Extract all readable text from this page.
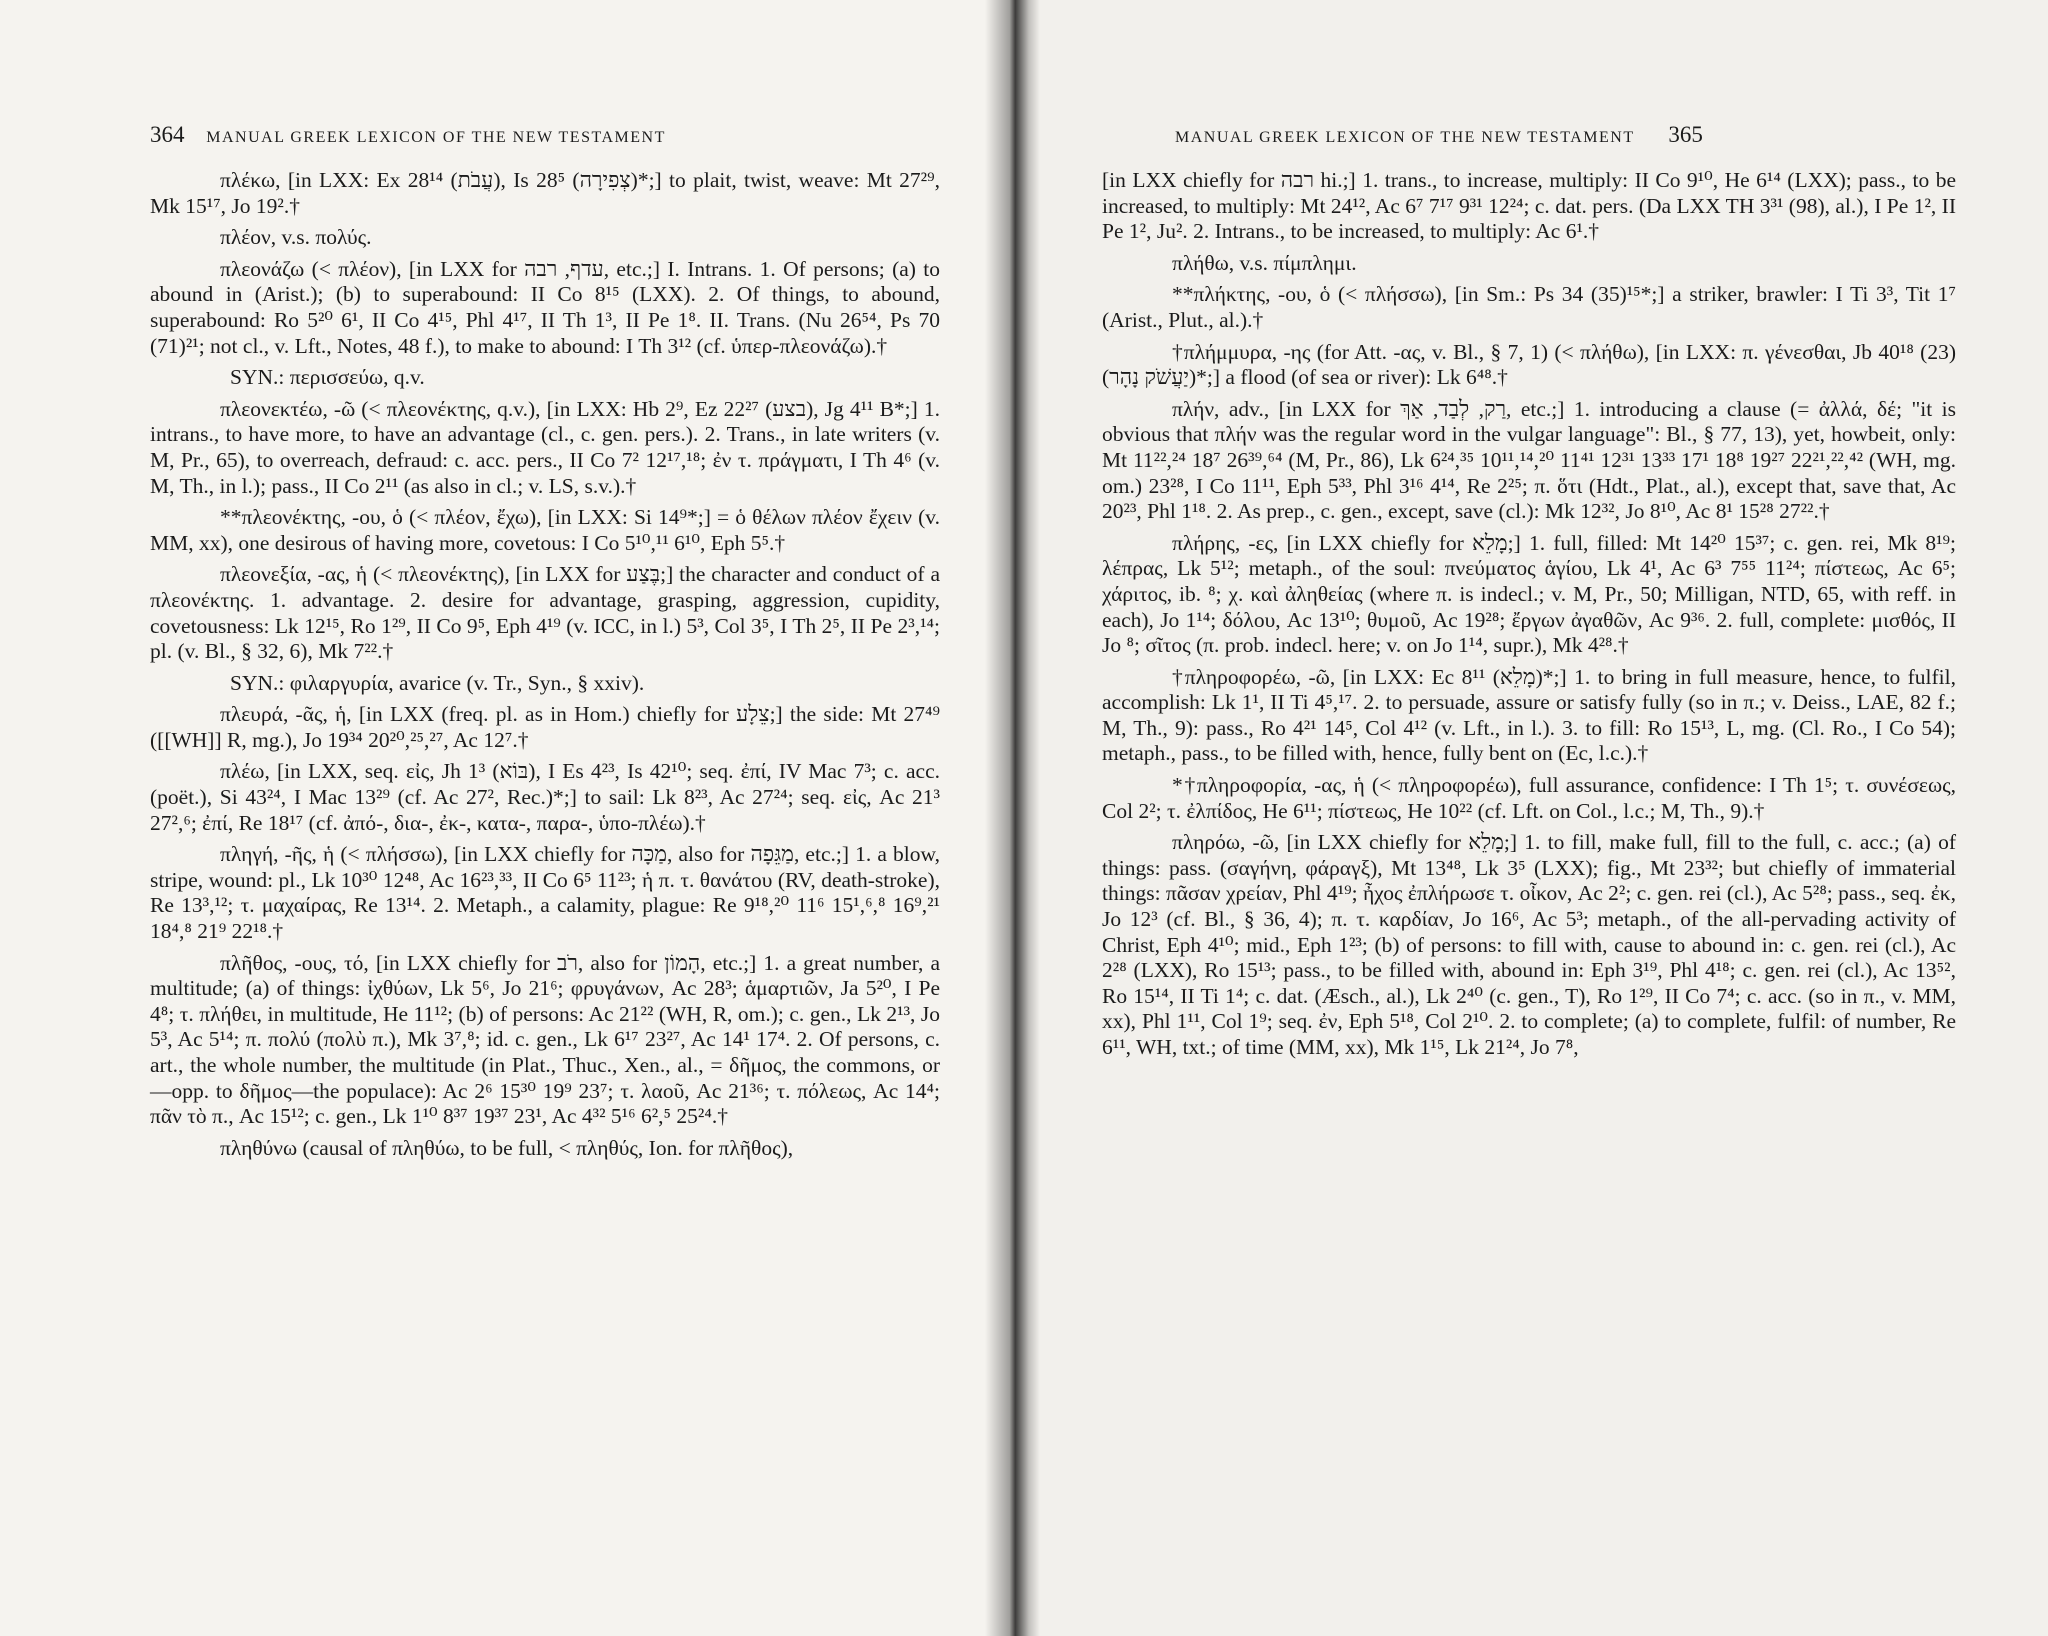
364 MANUAL GREEK LEXICON OF THE NEW TESTAMENT
πλέκω, [in LXX: Ex 28¹⁴ (עֲבֹת), Is 28⁵ (צְפִירָה)*;] to plait, twist, weave: Mt 27²⁹, Mk 15¹⁷, Jo 19².†
πλέον, v.s. πολύς.
πλεονάζω (< πλέον), [in LXX for עדף, רבה, etc.;] I. Intrans. 1. Of persons; (a) to abound in (Arist.); (b) to superabound: II Co 8¹⁵ (LXX). 2. Of things, to abound, superabound: Ro 5²⁰ 6¹, II Co 4¹⁵, Phl 4¹⁷, II Th 1³, II Pe 1⁸. II. Trans. (Nu 26⁵⁴, Ps 70 (71)²¹; not cl., v. Lft., Notes, 48 f.), to make to abound: I Th 3¹² (cf. ὑπερ-πλεονάζω).†
SYN.: περισσεύω, q.v.
πλεονεκτέω, -ῶ (< πλεονέκτης, q.v.), [in LXX: Hb 2⁹, Ez 22²⁷ (בצע), Jg 4¹¹ B*;] 1. intrans., to have more, to have an advantage (cl., c. gen. pers.). 2. Trans., in late writers (v. M, Pr., 65), to overreach, defraud: c. acc. pers., II Co 7² 12¹⁷,¹⁸; ἐν τ. πράγματι, I Th 4⁶ (v. M, Th., in l.); pass., II Co 2¹¹ (as also in cl.; v. LS, s.v.).†
**πλεονέκτης, -ου, ὁ (< πλέον, ἔχω), [in LXX: Si 14⁹*;] = ὁ θέλων πλέον ἔχειν (v. MM, xx), one desirous of having more, covetous: I Co 5¹⁰,¹¹ 6¹⁰, Eph 5⁵.†
πλεονεξία, -ας, ἡ (< πλεονέκτης), [in LXX for בֶּצַע;] the character and conduct of a πλεονέκτης. 1. advantage. 2. desire for advantage, grasping, aggression, cupidity, covetousness: Lk 12¹⁵, Ro 1²⁹, II Co 9⁵, Eph 4¹⁹ (v. ICC, in l.) 5³, Col 3⁵, I Th 2⁵, II Pe 2³,¹⁴; pl. (v. Bl., § 32, 6), Mk 7²².†
SYN.: φιλαργυρία, avarice (v. Tr., Syn., § xxiv).
πλευρά, -ᾶς, ἡ, [in LXX (freq. pl. as in Hom.) chiefly for צֵלָע;] the side: Mt 27⁴⁹ ([[WH]] R, mg.), Jo 19³⁴ 20²⁰,²⁵,²⁷, Ac 12⁷.†
πλέω, [in LXX, seq. εἰς, Jh 1³ (בּוֹא), I Es 4²³, Is 42¹⁰; seq. ἐπί, IV Mac 7³; c. acc. (poët.), Si 43²⁴, I Mac 13²⁹ (cf. Ac 27², Rec.)*;] to sail: Lk 8²³, Ac 27²⁴; seq. εἰς, Ac 21³ 27²,⁶; ἐπί, Re 18¹⁷ (cf. ἀπό-, δια-, ἐκ-, κατα-, παρα-, ὑπο-πλέω).†
πληγή, -ῆς, ἡ (< πλήσσω), [in LXX chiefly for מַכָּה, also for מַגֵּפָה, etc.;] 1. a blow, stripe, wound: pl., Lk 10³⁰ 12⁴⁸, Ac 16²³,³³, II Co 6⁵ 11²³; ἡ π. τ. θανάτου (RV, death-stroke), Re 13³,¹²; τ. μαχαίρας, Re 13¹⁴. 2. Metaph., a calamity, plague: Re 9¹⁸,²⁰ 11⁶ 15¹,⁶,⁸ 16⁹,²¹ 18⁴,⁸ 21⁹ 22¹⁸.†
πλῆθος, -ους, τό, [in LXX chiefly for רֹב, also for הָמוֹן, etc.;] 1. a great number, a multitude; (a) of things: ἰχθύων, Lk 5⁶, Jo 21⁶; φρυγάνων, Ac 28³; ἁμαρτιῶν, Ja 5²⁰, I Pe 4⁸; τ. πλήθει, in multitude, He 11¹²; (b) of persons: Ac 21²² (WH, R, om.); c. gen., Lk 2¹³, Jo 5³, Ac 5¹⁴; π. πολύ (πολὺ π.), Mk 3⁷,⁸; id. c. gen., Lk 6¹⁷ 23²⁷, Ac 14¹ 17⁴. 2. Of persons, c. art., the whole number, the multitude (in Plat., Thuc., Xen., al., = δῆμος, the commons, or—opp. to δῆμος—the populace): Ac 2⁶ 15³⁰ 19⁹ 23⁷; τ. λαοῦ, Ac 21³⁶; τ. πόλεως, Ac 14⁴; πᾶν τὸ π., Ac 15¹²; c. gen., Lk 1¹⁰ 8³⁷ 19³⁷ 23¹, Ac 4³² 5¹⁶ 6²,⁵ 25²⁴.†
πληθύνω (causal of πληθύω, to be full, < πληθύς, Ion. for πλῆθος),
MANUAL GREEK LEXICON OF THE NEW TESTAMENT 365
[in LXX chiefly for רבה hi.;] 1. trans., to increase, multiply: II Co 9¹⁰, He 6¹⁴ (LXX); pass., to be increased, to multiply: Mt 24¹², Ac 6⁷ 7¹⁷ 9³¹ 12²⁴; c. dat. pers. (Da LXX TH 3³¹ (98), al.), I Pe 1², II Pe 1², Ju². 2. Intrans., to be increased, to multiply: Ac 6¹.†
πλήθω, v.s. πίμπλημι.
**πλήκτης, -ου, ὁ (< πλήσσω), [in Sm.: Ps 34 (35)¹⁵*;] a striker, brawler: I Ti 3³, Tit 1⁷ (Arist., Plut., al.).†
†πλήμμυρα, -ης (for Att. -ας, v. Bl., § 7, 1) (< πλήθω), [in LXX: π. γένεσθαι, Jb 40¹⁸ (23) (יַעֲשֹׁק נָהָר)*;] a flood (of sea or river): Lk 6⁴⁸.†
πλήν, adv., [in LXX for רַק, לְבַד, אַךְ, etc.;] 1. introducing a clause (= ἀλλά, δέ; "it is obvious that πλήν was the regular word in the vulgar language": Bl., § 77, 13), yet, howbeit, only: Mt 11²²,²⁴ 18⁷ 26³⁹,⁶⁴ (M, Pr., 86), Lk 6²⁴,³⁵ 10¹¹,¹⁴,²⁰ 11⁴¹ 12³¹ 13³³ 17¹ 18⁸ 19²⁷ 22²¹,²²,⁴² (WH, mg. om.) 23²⁸, I Co 11¹¹, Eph 5³³, Phl 3¹⁶ 4¹⁴, Re 2²⁵; π. ὅτι (Hdt., Plat., al.), except that, save that, Ac 20²³, Phl 1¹⁸. 2. As prep., c. gen., except, save (cl.): Mk 12³², Jo 8¹⁰, Ac 8¹ 15²⁸ 27²².†
πλήρης, -ες, [in LXX chiefly for מָלֵא;] 1. full, filled: Mt 14²⁰ 15³⁷; c. gen. rei, Mk 8¹⁹; λέπρας, Lk 5¹²; metaph., of the soul: πνεύματος ἁγίου, Lk 4¹, Ac 6³ 7⁵⁵ 11²⁴; πίστεως, Ac 6⁵; χάριτος, ib. ⁸; χ. καὶ ἀληθείας (where π. is indecl.; v. M, Pr., 50; Milligan, NTD, 65, with reff. in each), Jo 1¹⁴; δόλου, Ac 13¹⁰; θυμοῦ, Ac 19²⁸; ἔργων ἀγαθῶν, Ac 9³⁶. 2. full, complete: μισθός, II Jo ⁸; σῖτος (π. prob. indecl. here; v. on Jo 1¹⁴, supr.), Mk 4²⁸.†
†πληροφορέω, -ῶ, [in LXX: Ec 8¹¹ (מָלֵא)*;] 1. to bring in full measure, hence, to fulfil, accomplish: Lk 1¹, II Ti 4⁵,¹⁷. 2. to persuade, assure or satisfy fully (so in π.; v. Deiss., LAE, 82 f.; M, Th., 9): pass., Ro 4²¹ 14⁵, Col 4¹² (v. Lft., in l.). 3. to fill: Ro 15¹³, L, mg. (Cl. Ro., I Co 54); metaph., pass., to be filled with, hence, fully bent on (Ec, l.c.).†
*†πληροφορία, -ας, ἡ (< πληροφορέω), full assurance, confidence: I Th 1⁵; τ. συνέσεως, Col 2²; τ. ἐλπίδος, He 6¹¹; πίστεως, He 10²² (cf. Lft. on Col., l.c.; M, Th., 9).†
πληρόω, -ῶ, [in LXX chiefly for מָלֵא;] 1. to fill, make full, fill to the full, c. acc.; (a) of things: pass. (σαγήνη, φάραγξ), Mt 13⁴⁸, Lk 3⁵ (LXX); fig., Mt 23³²; but chiefly of immaterial things: πᾶσαν χρείαν, Phl 4¹⁹; ἦχος ἐπλήρωσε τ. οἶκον, Ac 2²; c. gen. rei (cl.), Ac 5²⁸; pass., seq. ἐκ, Jo 12³ (cf. Bl., § 36, 4); π. τ. καρδίαν, Jo 16⁶, Ac 5³; metaph., of the all-pervading activity of Christ, Eph 4¹⁰; mid., Eph 1²³; (b) of persons: to fill with, cause to abound in: c. gen. rei (cl.), Ac 2²⁸ (LXX), Ro 15¹³; pass., to be filled with, abound in: Eph 3¹⁹, Phl 4¹⁸; c. gen. rei (cl.), Ac 13⁵², Ro 15¹⁴, II Ti 1⁴; c. dat. (Æsch., al.), Lk 2⁴⁰ (c. gen., T), Ro 1²⁹, II Co 7⁴; c. acc. (so in π., v. MM, xx), Phl 1¹¹, Col 1⁹; seq. ἐν, Eph 5¹⁸, Col 2¹⁰. 2. to complete; (a) to complete, fulfil: of number, Re 6¹¹, WH, txt.; of time (MM, xx), Mk 1¹⁵, Lk 21²⁴, Jo 7⁸,
